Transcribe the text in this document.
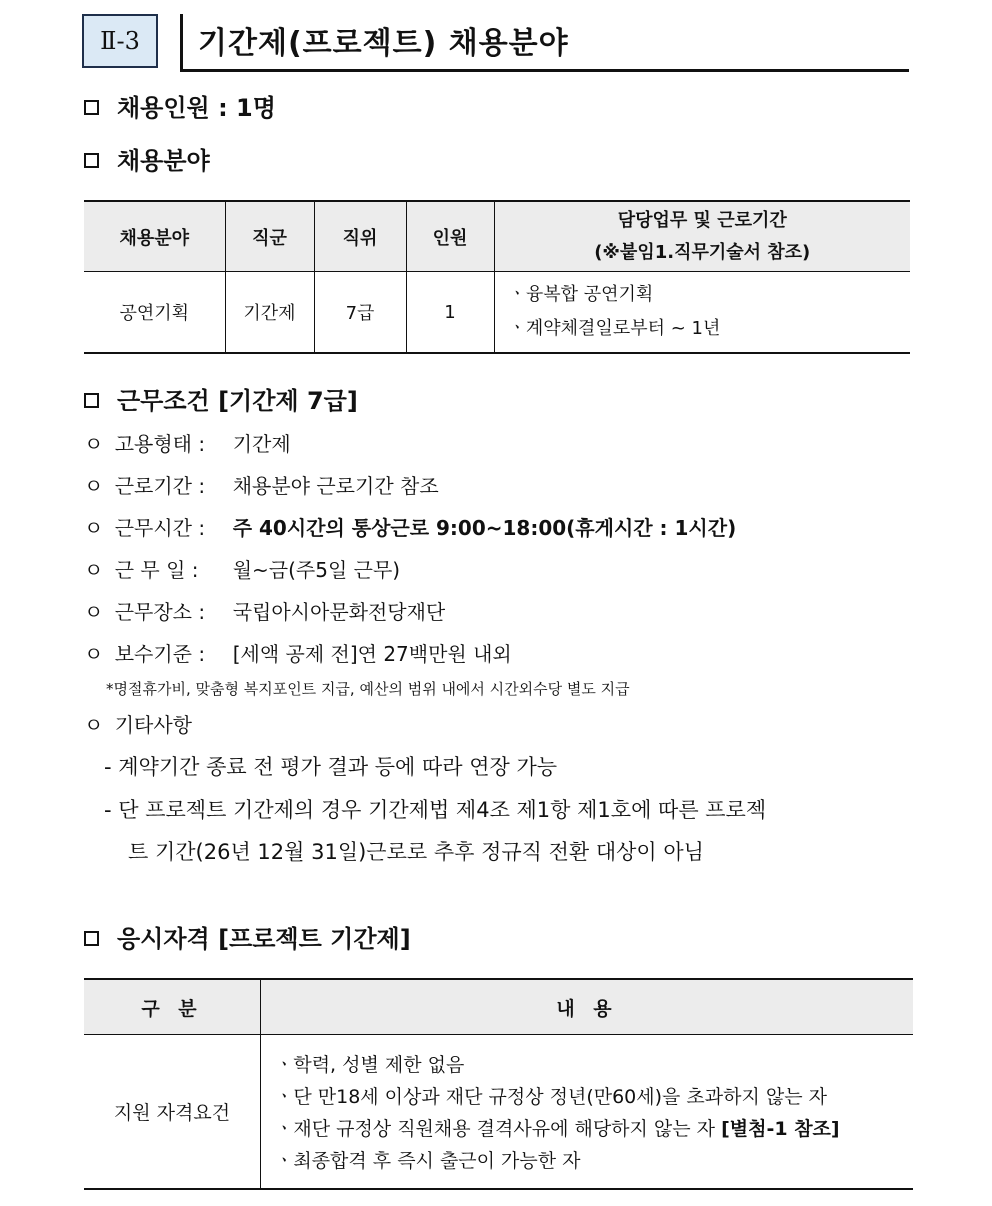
Ⅱ-3 기간제(프로젝트) 채용분야
채용인원 : 1명
채용분야
채용분야	직군	직위	인원	담당업무 및 근로기간
(※붙임1.직무기술서 참조)

공연기획	기간제	7급	1	ㆍ융복합 공연기획
ㆍ계약체결일로부터 ~ 1년
근무조건 [기간제 7급]
ㅇ 고용형태 : 기간제
ㅇ 근로기간 : 채용분야 근로기간 참조
ㅇ 근무시간 : 주 40시간의 통상근로 9:00~18:00(휴게시간 : 1시간)
ㅇ 근 무 일 : 월~금(주5일 근무)
ㅇ 근무장소 : 국립아시아문화전당재단
ㅇ 보수기준 : [세액 공제 전]연 27백만원 내외
*명절휴가비, 맞춤형 복지포인트 지급, 예산의 범위 내에서 시간외수당 별도 지급
ㅇ 기타사항
- 계약기간 종료 전 평가 결과 등에 따라 연장 가능
- 단 프로젝트 기간제의 경우 기간제법 제4조 제1항 제1호에 따른 프로젝
트 기간(26년 12월 31일)근로로 추후 정규직 전환 대상이 아님
응시자격 [프로젝트 기간제]
구 분	내 용
지원 자격요건	ㆍ학력, 성별 제한 없음
ㆍ단 만18세 이상과 재단 규정상 정년(만60세)을 초과하지 않는 자
ㆍ재단 규정상 직원채용 결격사유에 해당하지 않는 자 [별첨-1 참조]
ㆍ최종합격 후 즉시 출근이 가능한 자
